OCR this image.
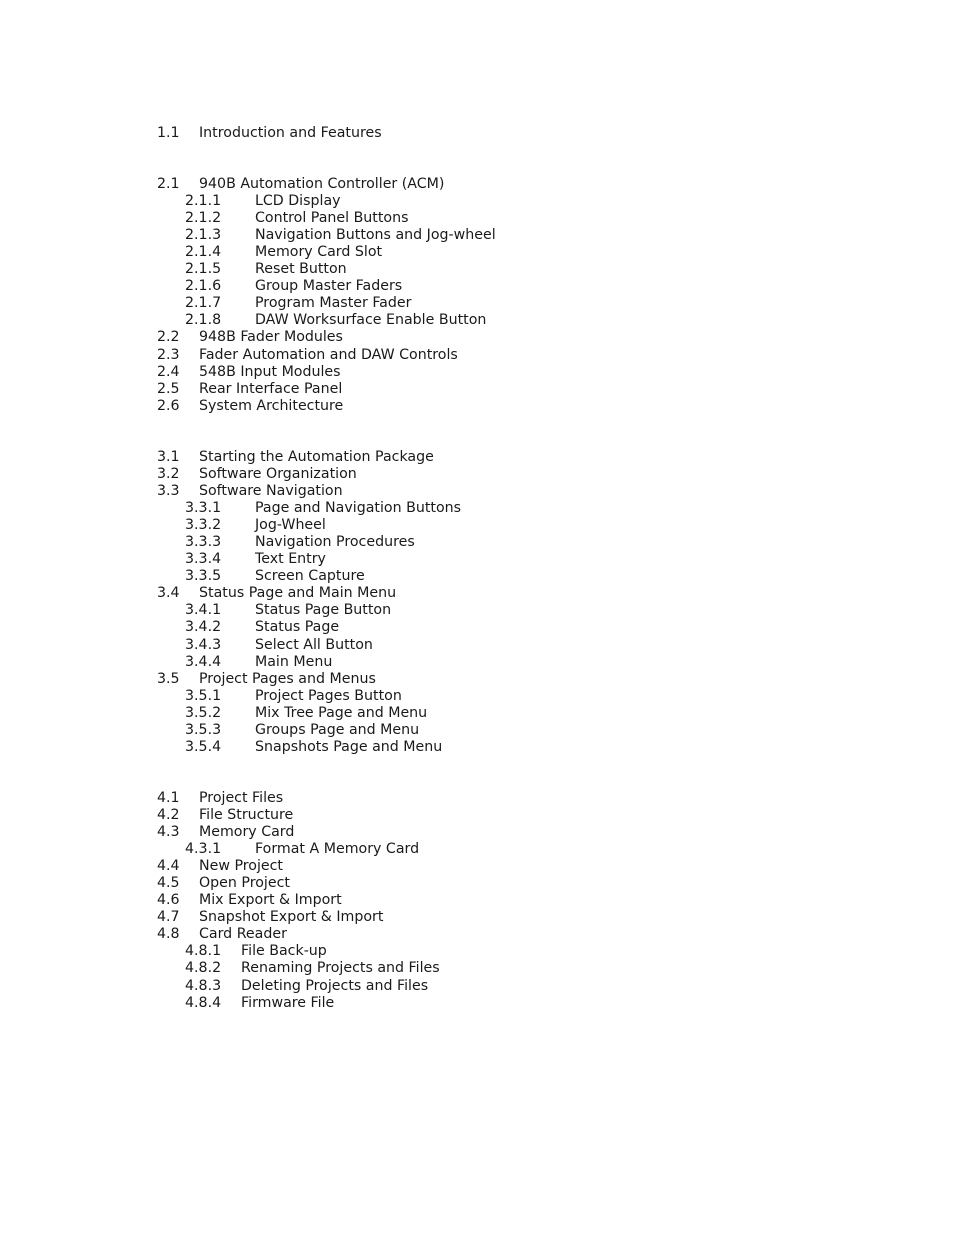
1.1 Introduction and Features
2.1 940B Automation Controller (ACM)
2.1.1 LCD Display
2.1.2 Control Panel Buttons
2.1.3 Navigation Buttons and Jog-wheel
2.1.4 Memory Card Slot
2.1.5 Reset Button
2.1.6 Group Master Faders
2.1.7 Program Master Fader
2.1.8 DAW Worksurface Enable Button
2.2 948B Fader Modules
2.3 Fader Automation and DAW Controls
2.4 548B Input Modules
2.5 Rear Interface Panel
2.6 System Architecture
3.1 Starting the Automation Package
3.2 Software Organization
3.3 Software Navigation
3.3.1 Page and Navigation Buttons
3.3.2 Jog-Wheel
3.3.3 Navigation Procedures
3.3.4 Text Entry
3.3.5 Screen Capture
3.4 Status Page and Main Menu
3.4.1 Status Page Button
3.4.2 Status Page
3.4.3 Select All Button
3.4.4 Main Menu
3.5 Project Pages and Menus
3.5.1 Project Pages Button
3.5.2 Mix Tree Page and Menu
3.5.3 Groups Page and Menu
3.5.4 Snapshots Page and Menu
4.1 Project Files
4.2 File Structure
4.3 Memory Card
4.3.1 Format A Memory Card
4.4 New Project
4.5 Open Project
4.6 Mix Export & Import
4.7 Snapshot Export & Import
4.8 Card Reader
4.8.1 File Back-up
4.8.2 Renaming Projects and Files
4.8.3 Deleting Projects and Files
4.8.4 Firmware File
